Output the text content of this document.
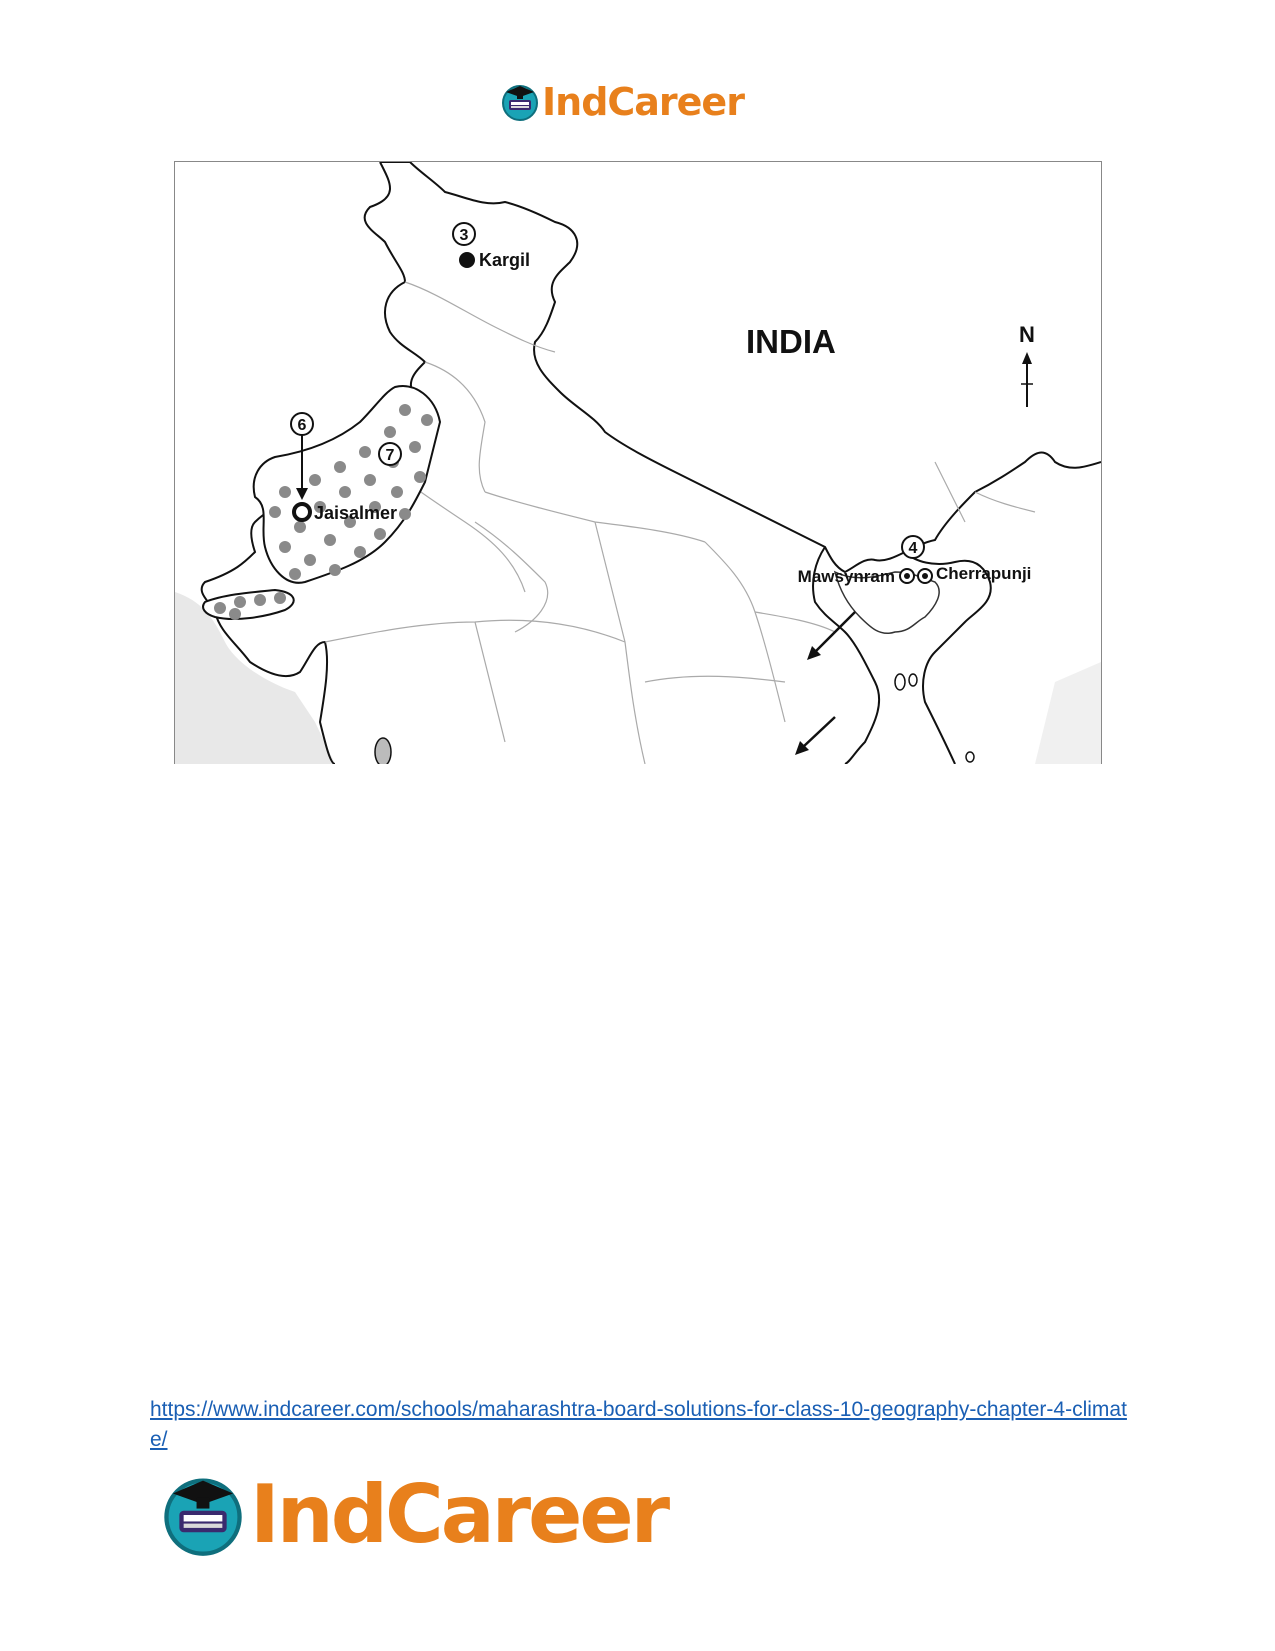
IndCareer
3
Kargil
INDIA	N
6
Jaisalmer
7
4
Mawsynram Cherrapunji
https://www.indcareer.com/schools/maharashtra-board-solutions-for-class-10-geography-chapter-4-climate/
IndCareer
